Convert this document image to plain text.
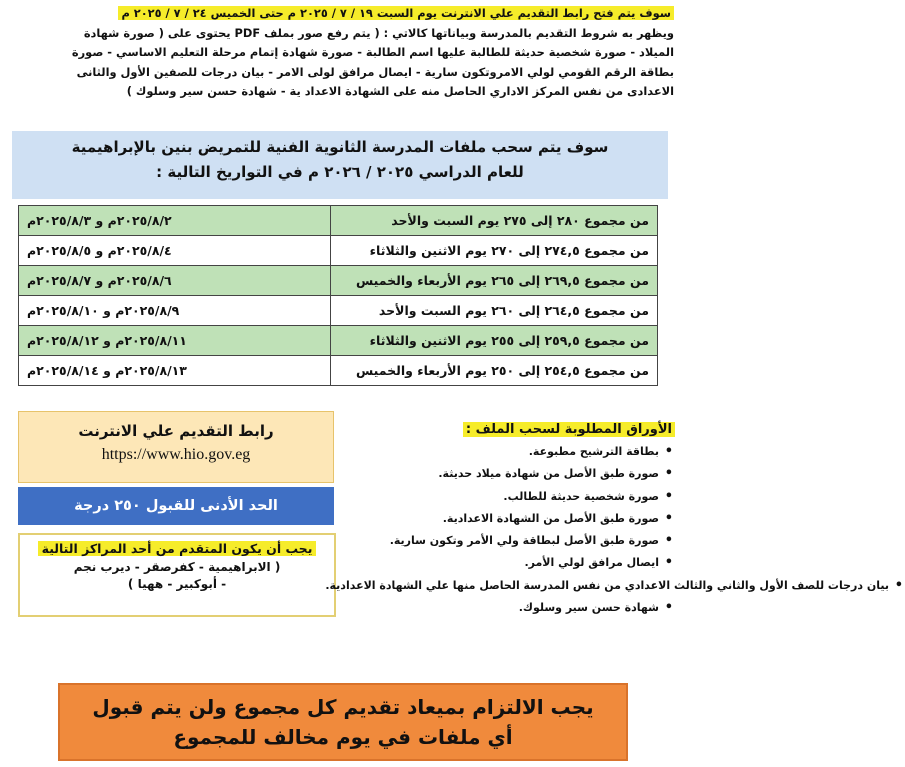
سوف يتم فتح رابط التقديم علي الانترنت يوم السبت ١٩ / ٧ / ٢٠٢٥ م حتى الخميس ٢٤ / ٧ / ٢٠٢٥ م
ويظهر به شروط التقديم بالمدرسة وبياناتها كالاتي : ( يتم رفع صور بملف PDF يحتوى على ( صورة شهادة
الميلاد - صورة شخصية حديثة للطالبة عليها اسم الطالبة - صورة شهادة إتمام مرحلة التعليم الاساسي - صورة
بطاقة الرقم القومي لولي الامروتكون سارية - ايصال مرافق لولى الامر - بيان درجات للصفين الأول والثانى
الاعدادى من نفس المركز الاداري الحاصل منه على الشهادة الاعداد ية - شهادة حسن سير وسلوك )
سوف يتم سحب ملفات المدرسة الثانوية الفنية للتمريض بنين بالإبراهيمية
للعام الدراسي ٢٠٢٥ / ٢٠٢٦ م في التواريخ التالية :
من مجموع ٢٨٠ إلى ٢٧٥ يوم السبت والأحد	٢٠٢٥/٨/٢م و ٢٠٢٥/٨/٣م
من مجموع ٢٧٤,٥ إلى ٢٧٠ يوم الاثنين والثلاثاء	٢٠٢٥/٨/٤م و ٢٠٢٥/٨/٥م
من مجموع ٢٦٩,٥ إلى ٢٦٥ يوم الأربعاء والخميس	٢٠٢٥/٨/٦م و ٢٠٢٥/٨/٧م
من مجموع ٢٦٤,٥ إلى ٢٦٠ يوم السبت والأحد	٢٠٢٥/٨/٩م و ٢٠٢٥/٨/١٠م
من مجموع ٢٥٩,٥ إلى ٢٥٥ يوم الاثنين والثلاثاء	٢٠٢٥/٨/١١م و ٢٠٢٥/٨/١٢م
من مجموع ٢٥٤,٥ إلى ٢٥٠ يوم الأربعاء والخميس	٢٠٢٥/٨/١٣م و ٢٠٢٥/٨/١٤م
رابط التقديم علي الانترنت
https://www.hio.gov.eg
الحد الأدنى للقبول ٢٥٠ درجة
يجب أن يكون المتقدم من أحد المراكز التالية
( الابراهيمية - كفرصقر - ديرب نجم
- أبوكبير - ههيا )
الأوراق المطلوبة لسحب الملف :
• بطاقة الترشيح مطبوعة.
• صورة طبق الأصل من شهادة ميلاد حديثة.
• صورة شخصية حديثة للطالب.
• صورة طبق الأصل من الشهادة الاعدادية.
• صورة طبق الأصل لبطاقة ولي الأمر وتكون سارية.
• ايصال مرافق لولي الأمر.
• بيان درجات للصف الأول والثاني والثالث الاعدادي من نفس المدرسة الحاصل منها علي الشهادة الاعدادية.
• شهادة حسن سير وسلوك.
يجب الالتزام بميعاد تقديم كل مجموع ولن يتم قبول
أي ملفات في يوم مخالف للمجموع
